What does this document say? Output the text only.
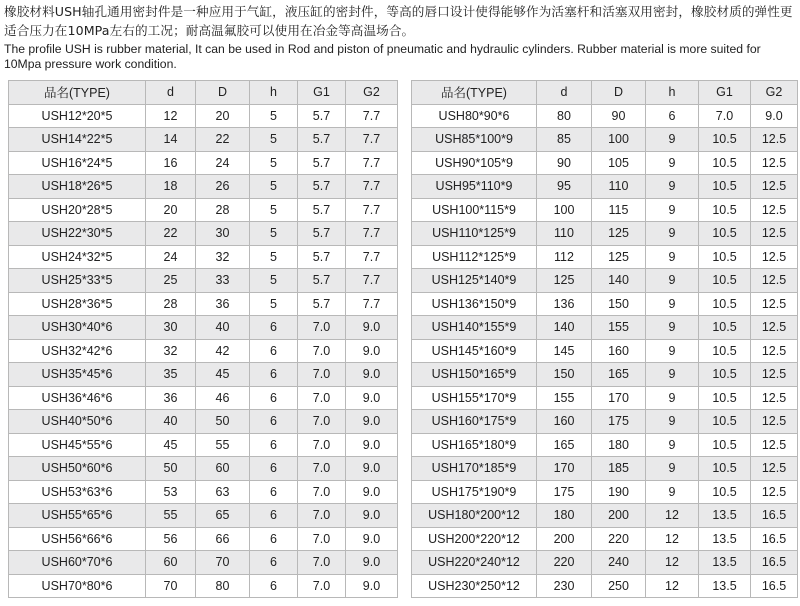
橡胶材料USH轴孔通用密封件是一种应用于气缸，液压缸的密封件，等高的唇口设计使得能够作为活塞杆和活塞双用密封，橡胶材质的弹性更适合压力在10MPa左右的工况；耐高温氟胶可以使用在冶金等高温场合。

The profile USH is rubber material, It can be used in Rod and piston of pneumatic and hydraulic cylinders. Rubber material is more suited for 10Mpa pressure work condition.

品名(TYPE)	d	D	h	G1	G2
USH12*20*5	12	20	5	5.7	7.7
USH14*22*5	14	22	5	5.7	7.7
USH16*24*5	16	24	5	5.7	7.7
USH18*26*5	18	26	5	5.7	7.7
USH20*28*5	20	28	5	5.7	7.7
USH22*30*5	22	30	5	5.7	7.7
USH24*32*5	24	32	5	5.7	7.7
USH25*33*5	25	33	5	5.7	7.7
USH28*36*5	28	36	5	5.7	7.7
USH30*40*6	30	40	6	7.0	9.0
USH32*42*6	32	42	6	7.0	9.0
USH35*45*6	35	45	6	7.0	9.0
USH36*46*6	36	46	6	7.0	9.0
USH40*50*6	40	50	6	7.0	9.0
USH45*55*6	45	55	6	7.0	9.0
USH50*60*6	50	60	6	7.0	9.0
USH53*63*6	53	63	6	7.0	9.0
USH55*65*6	55	65	6	7.0	9.0
USH56*66*6	56	66	6	7.0	9.0
USH60*70*6	60	70	6	7.0	9.0
USH70*80*6	70	80	6	7.0	9.0
品名(TYPE)	d	D	h	G1	G2
USH80*90*6	80	90	6	7.0	9.0
USH85*100*9	85	100	9	10.5	12.5
USH90*105*9	90	105	9	10.5	12.5
USH95*110*9	95	110	9	10.5	12.5
USH100*115*9	100	115	9	10.5	12.5
USH110*125*9	110	125	9	10.5	12.5
USH112*125*9	112	125	9	10.5	12.5
USH125*140*9	125	140	9	10.5	12.5
USH136*150*9	136	150	9	10.5	12.5
USH140*155*9	140	155	9	10.5	12.5
USH145*160*9	145	160	9	10.5	12.5
USH150*165*9	150	165	9	10.5	12.5
USH155*170*9	155	170	9	10.5	12.5
USH160*175*9	160	175	9	10.5	12.5
USH165*180*9	165	180	9	10.5	12.5
USH170*185*9	170	185	9	10.5	12.5
USH175*190*9	175	190	9	10.5	12.5
USH180*200*12	180	200	12	13.5	16.5
USH200*220*12	200	220	12	13.5	16.5
USH220*240*12	220	240	12	13.5	16.5
USH230*250*12	230	250	12	13.5	16.5
